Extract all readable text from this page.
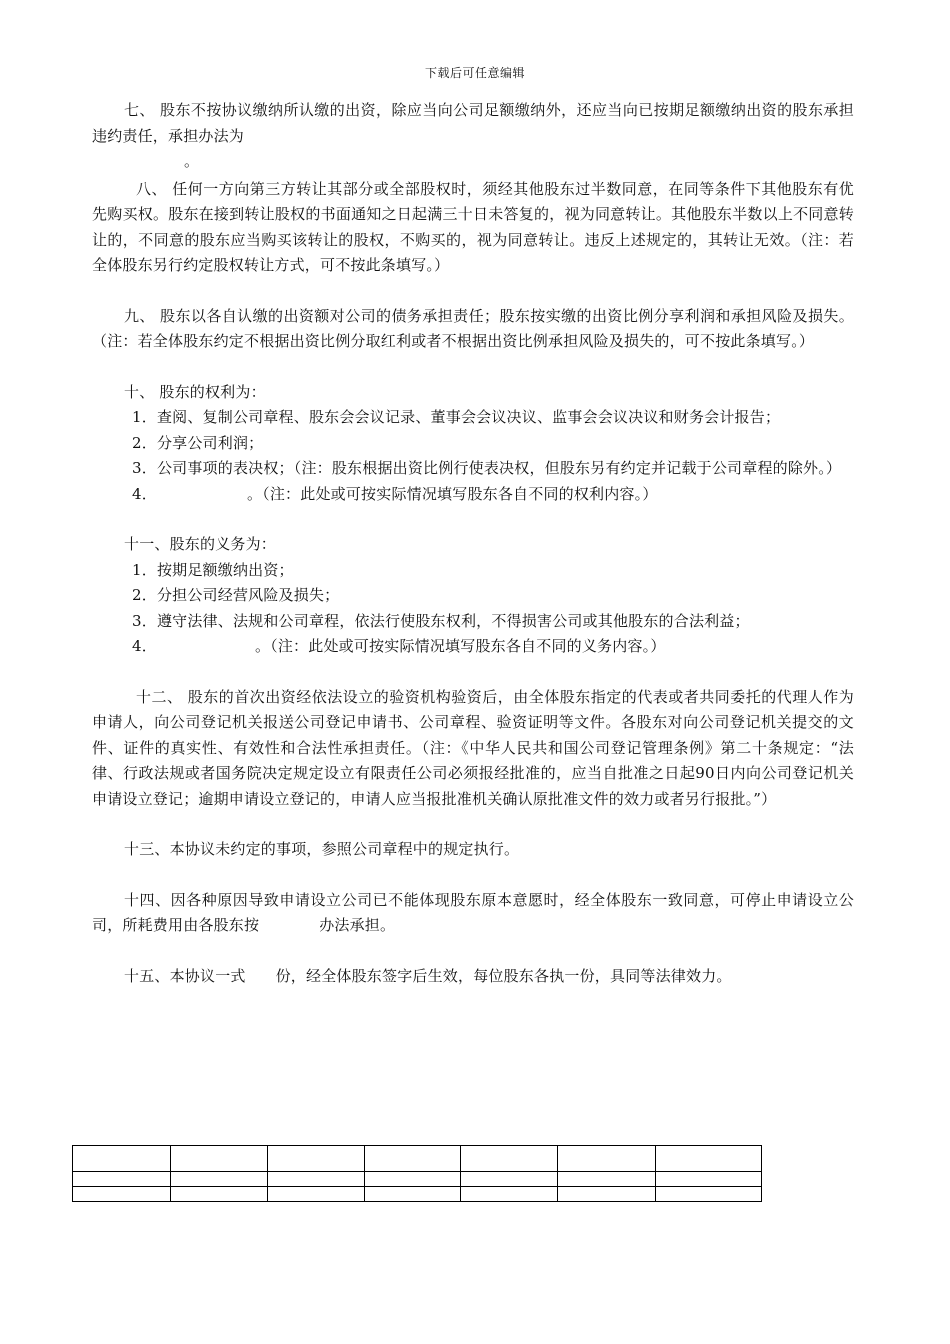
下载后可任意编辑

七、 股东不按协议缴纳所认缴的出资，除应当向公司足额缴纳外，还应当向已按期足额缴纳出资的股东承担违约责任，承担办法为

。

八、 任何一方向第三方转让其部分或全部股权时，须经其他股东过半数同意，在同等条件下其他股东有优先购买权。股东在接到转让股权的书面通知之日起满三十日未答复的，视为同意转让。其他股东半数以上不同意转让的，不同意的股东应当购买该转让的股权，不购买的，视为同意转让。违反上述规定的，其转让无效。（注：若全体股东另行约定股权转让方式，可不按此条填写。）

九、 股东以各自认缴的出资额对公司的债务承担责任；股东按实缴的出资比例分享利润和承担风险及损失。（注：若全体股东约定不根据出资比例分取红利或者不根据出资比例承担风险及损失的，可不按此条填写。）

十、 股东的权利为：

1．查阅、复制公司章程、股东会会议记录、董事会会议决议、监事会会议决议和财务会计报告；

2．分享公司利润；

3．公司事项的表决权；（注：股东根据出资比例行使表决权，但股东另有约定并记载于公司章程的除外。）

4．	。（注：此处或可按实际情况填写股东各自不同的权利内容。）

十一、股东的义务为：

1．按期足额缴纳出资；

2．分担公司经营风险及损失；

3．遵守法律、法规和公司章程，依法行使股东权利，不得损害公司或其他股东的合法利益；

4．	。（注：此处或可按实际情况填写股东各自不同的义务内容。）

十二、 股东的首次出资经依法设立的验资机构验资后，由全体股东指定的代表或者共同委托的代理人作为申请人，向公司登记机关报送公司登记申请书、公司章程、验资证明等文件。各股东对向公司登记机关提交的文件、证件的真实性、有效性和合法性承担责任。（注：《中华人民共和国公司登记管理条例》第二十条规定：“法律、行政法规或者国务院决定规定设立有限责任公司必须报经批准的，应当自批准之日起90日内向公司登记机关申请设立登记；逾期申请设立登记的，申请人应当报批准机关确认原批准文件的效力或者另行报批。”）

十三、本协议未约定的事项，参照公司章程中的规定执行。

十四、因各种原因导致申请设立公司已不能体现股东原本意愿时，经全体股东一致同意，可停止申请设立公司，所耗费用由各股东按	办法承担。

十五、本协议一式 份，经全体股东签字后生效，每位股东各执一份，具同等法律效力。
